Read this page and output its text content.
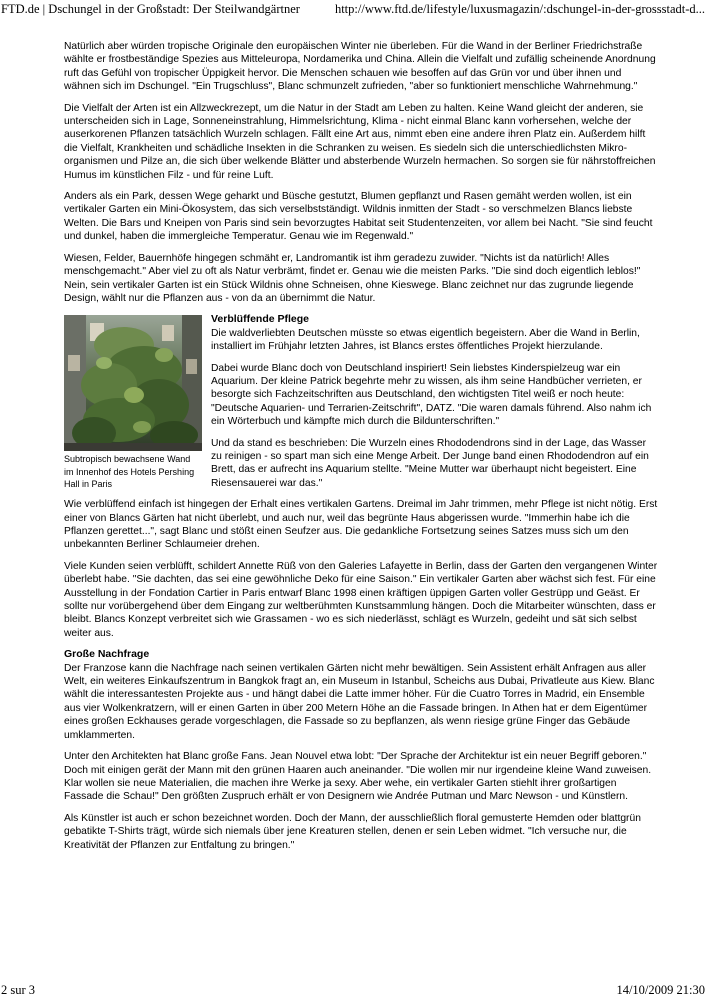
FTD.de | Dschungel in der Großstadt: Der Steilwandgärtner	http://www.ftd.de/lifestyle/luxusmagazin/:dschungel-in-der-grossstadt-d...

Natürlich aber würden tropische Originale den europäischen Winter nie überleben. Für die Wand in der Berliner Friedrichstraße wählte er frostbeständige Spezies aus Mitteleuropa, Nordamerika und China. Allein die Vielfalt und zufällig scheinende Anordnung ruft das Gefühl von tropischer Üppigkeit hervor. Die Menschen schauen wie besoffen auf das Grün vor und über ihnen und wähnen sich im Dschungel. "Ein Trugschluss", Blanc schmunzelt zufrieden, "aber so funktioniert menschliche Wahrnehmung."

Die Vielfalt der Arten ist ein Allzweckrezept, um die Natur in der Stadt am Leben zu halten. Keine Wand gleicht der anderen, sie unterscheiden sich in Lage, Sonneneinstrahlung, Himmelsrichtung, Klima - nicht einmal Blanc kann vorhersehen, welche der auserkorenen Pflanzen tatsächlich Wurzeln schlagen. Fällt eine Art aus, nimmt eben eine andere ihren Platz ein. Außerdem hilft die Vielfalt, Krankheiten und schädliche Insekten in die Schranken zu weisen. Es siedeln sich die unterschiedlichsten Mikro-organismen und Pilze an, die sich über welkende Blätter und absterbende Wurzeln hermachen. So sorgen sie für nährstoffreichen Humus im künstlichen Filz - und für reine Luft.

Anders als ein Park, dessen Wege geharkt und Büsche gestutzt, Blumen gepflanzt und Rasen gemäht werden wollen, ist ein vertikaler Garten ein Mini-Ökosystem, das sich verselbstständigt. Wildnis inmitten der Stadt - so verschmelzen Blancs liebste Welten. Die Bars und Kneipen von Paris sind sein bevorzugtes Habitat seit Studentenzeiten, vor allem bei Nacht. "Sie sind feucht und dunkel, haben die immergleiche Temperatur. Genau wie im Regenwald."

Wiesen, Felder, Bauernhöfe hingegen schmäht er, Landromantik ist ihm geradezu zuwider. "Nichts ist da natürlich! Alles menschgemacht." Aber viel zu oft als Natur verbrämt, findet er. Genau wie die meisten Parks. "Die sind doch eigentlich leblos!" Nein, sein vertikaler Garten ist ein Stück Wildnis ohne Schneisen, ohne Kieswege. Blanc zeichnet nur das zugrunde liegende Design, wählt nur die Pflanzen aus - von da an übernimmt die Natur.

Subtropisch bewachsene Wand im Innenhof des Hotels Pershing Hall in Paris
Verblüffende Pflege

Die waldverliebten Deutschen müsste so etwas eigentlich begeistern. Aber die Wand in Berlin, installiert im Frühjahr letzten Jahres, ist Blancs erstes öffentliches Projekt hierzulande.

Dabei wurde Blanc doch von Deutschland inspiriert! Sein liebstes Kinderspielzeug war ein Aquarium. Der kleine Patrick begehrte mehr zu wissen, als ihm seine Handbücher verrieten, er besorgte sich Fachzeitschriften aus Deutschland, den wichtigsten Titel weiß er noch heute: "Deutsche Aquarien- und Terrarien-Zeitschrift", DATZ. "Die waren damals führend. Also nahm ich ein Wörterbuch und kämpfte mich durch die Bildunterschriften."

Und da stand es beschrieben: Die Wurzeln eines Rhododendrons sind in der Lage, das Wasser zu reinigen - so spart man sich eine Menge Arbeit. Der Junge band einen Rhododendron auf ein Brett, das er aufrecht ins Aquarium stellte. "Meine Mutter war überhaupt nicht begeistert. Eine Riesensauerei war das."

Wie verblüffend einfach ist hingegen der Erhalt eines vertikalen Gartens. Dreimal im Jahr trimmen, mehr Pflege ist nicht nötig. Erst einer von Blancs Gärten hat nicht überlebt, und auch nur, weil das begrünte Haus abgerissen wurde. "Immerhin habe ich die Pflanzen gerettet...", sagt Blanc und stößt einen Seufzer aus. Die gedankliche Fortsetzung seines Satzes muss sich um den unbekannten Berliner Schlaumeier drehen.

Viele Kunden seien verblüfft, schildert Annette Rüß von den Galeries Lafayette in Berlin, dass der Garten den vergangenen Winter überlebt habe. "Sie dachten, das sei eine gewöhnliche Deko für eine Saison." Ein vertikaler Garten aber wächst sich fest. Für eine Ausstellung in der Fondation Cartier in Paris entwarf Blanc 1998 einen kräftigen üppigen Garten voller Gestrüpp und Geäst. Er sollte nur vorübergehend über dem Eingang zur weltberühmten Kunstsammlung hängen. Doch die Mitarbeiter wünschten, dass er bleibt. Blancs Konzept verbreitet sich wie Grassamen - wo es sich niederlässt, schlägt es Wurzeln, gedeiht und sät sich selbst weiter aus.

Große Nachfrage

Der Franzose kann die Nachfrage nach seinen vertikalen Gärten nicht mehr bewältigen. Sein Assistent erhält Anfragen aus aller Welt, ein weiteres Einkaufszentrum in Bangkok fragt an, ein Museum in Istanbul, Scheichs aus Dubai, Privatleute aus Kiew. Blanc wählt die interessantesten Projekte aus - und hängt dabei die Latte immer höher. Für die Cuatro Torres in Madrid, ein Ensemble aus vier Wolkenkratzern, will er einen Garten in über 200 Metern Höhe an die Fassade bringen. In Athen hat er dem Eigentümer eines großen Eckhauses gerade vorgeschlagen, die Fassade so zu bepflanzen, als wenn riesige grüne Finger das Gebäude umklammerten.

Unter den Architekten hat Blanc große Fans. Jean Nouvel etwa lobt: "Der Sprache der Architektur ist ein neuer Begriff geboren." Doch mit einigen gerät der Mann mit den grünen Haaren auch aneinander. "Die wollen mir nur irgendeine kleine Wand zuweisen. Klar wollen sie neue Materialien, die machen ihre Werke ja sexy. Aber wehe, ein vertikaler Garten stiehlt ihrer großartigen Fassade die Schau!" Den größten Zuspruch erhält er von Designern wie Andrée Putman und Marc Newson - und Künstlern.

Als Künstler ist auch er schon bezeichnet worden. Doch der Mann, der ausschließlich floral gemusterte Hemden oder blattgrün gebatikte T-Shirts trägt, würde sich niemals über jene Kreaturen stellen, denen er sein Leben widmet. "Ich versuche nur, die Kreativität der Pflanzen zur Entfaltung zu bringen."

2 sur 3	14/10/2009 21:30
